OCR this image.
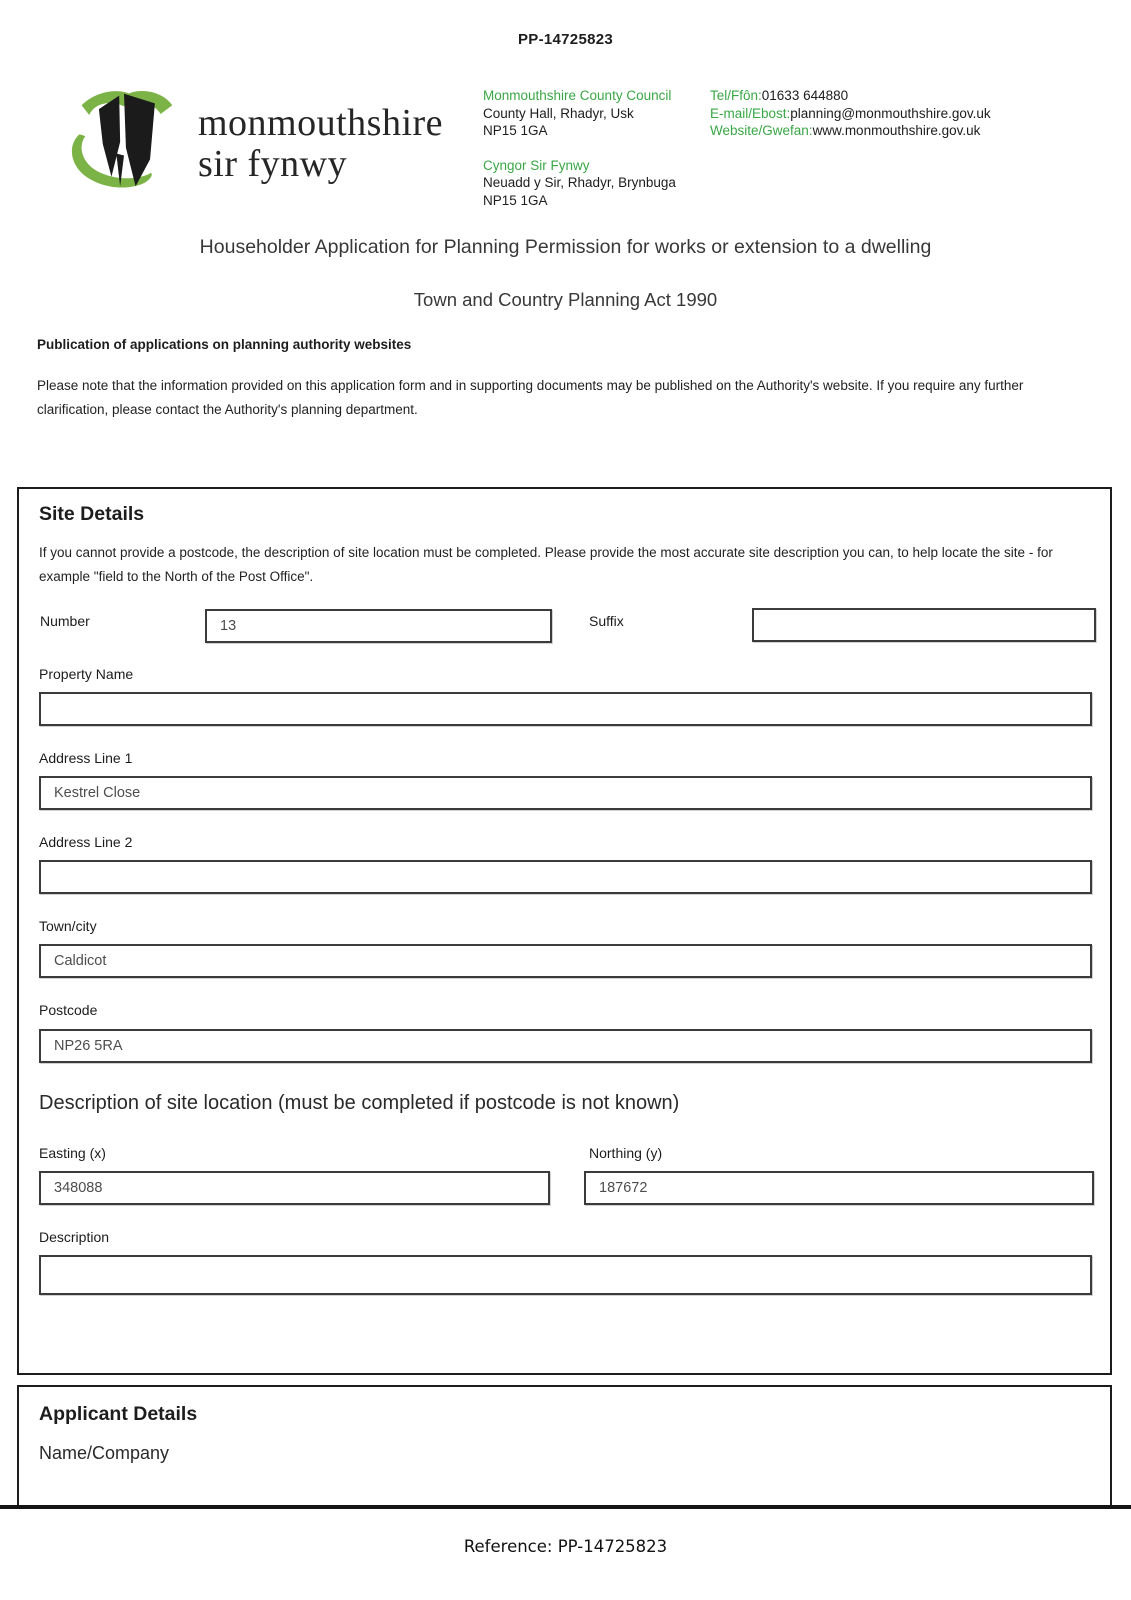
PP-14725823
monmouthshire
sir fynwy
Monmouthshire County Council
County Hall, Rhadyr, Usk
NP15 1GA
Cyngor Sir Fynwy
Neuadd y Sir, Rhadyr, Brynbuga
NP15 1GA
Tel/Ffôn:01633 644880
E-mail/Ebost:planning@monmouthshire.gov.uk
Website/Gwefan:www.monmouthshire.gov.uk
Householder Application for Planning Permission for works or extension to a dwelling
Town and Country Planning Act 1990
Publication of applications on planning authority websites
Please note that the information provided on this application form and in supporting documents may be published on the Authority's website. If you require any further clarification, please contact the Authority's planning department.
Site Details
If you cannot provide a postcode, the description of site location must be completed. Please provide the most accurate site description you can, to help locate the site - for example "field to the North of the Post Office".
Number
13	Suffix
Property Name
Address Line 1
Kestrel Close
Address Line 2
Town/city
Caldicot
Postcode
NP26 5RA
Description of site location (must be completed if postcode is not known)
Easting (x)
348088	Northing (y)
187672
Description
Applicant Details
Name/Company
Reference: PP-14725823
